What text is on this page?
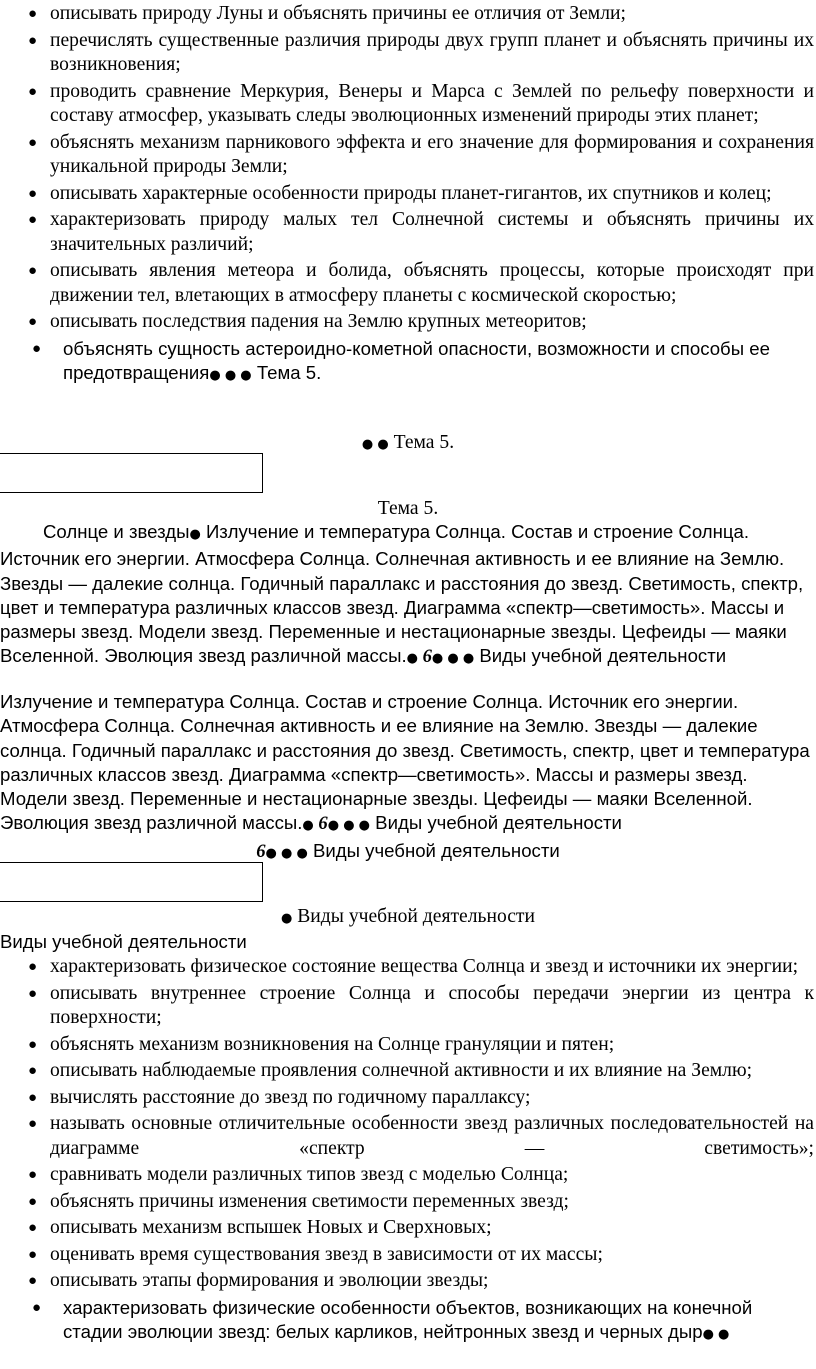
● описывать природу Луны и объяснять причины ее отличия от Земли;
● перечислять существенные различия природы двух групп планет и объяснять причины их возникновения;
● проводить сравнение Меркурия, Венеры и Марса с Землей по рельефу поверхности и составу атмосфер, указывать следы эволюционных изменений природы этих планет;
● объяснять механизм парникового эффекта и его значение для формирования и сохранения уникальной природы Земли;
● описывать характерные особенности природы планет-гигантов, их спутников и колец;
● характеризовать природу малых тел Солнечной системы и объяснять причины их значительных различий;
● описывать явления метеора и болида, объяснять процессы, которые происходят при движении тел, влетающих в атмосферу планеты с космической скоростью;
● описывать последствия падения на Землю крупных метеоритов;
● объяснять сущность астероидно-кометной опасности, возможности и способы ее предотвращения● ● ● Тема 5.
● ● Тема 5.
Тема 5.
Солнце и звезды● Излучение и температура Солнца. Состав и строение Солнца. Источник его энергии. Атмосфера Солнца. Солнечная активность и ее влияние на Землю. Звезды — далекие солнца. Годичный параллакс и расстояния до звезд. Светимость, спектр, цвет и температура различных классов звезд. Диаграмма «спектр—светимость». Массы и размеры звезд. Модели звезд. Переменные и нестационарные звезды. Цефеиды — маяки Вселенной. Эволюция звезд различной массы.● 6● ● ● Виды учебной деятельности
Излучение и температура Солнца. Состав и строение Солнца. Источник его энергии. Атмосфера Солнца. Солнечная активность и ее влияние на Землю. Звезды — далекие солнца. Годичный параллакс и расстояния до звезд. Светимость, спектр, цвет и температура различных классов звезд. Диаграмма «спектр—светимость». Массы и размеры звезд. Модели звезд. Переменные и нестационарные звезды. Цефеиды — маяки Вселенной. Эволюция звезд различной массы.● 6● ● ● Виды учебной деятельности
6● ● ● Виды учебной деятельности
● Виды учебной деятельности
Виды учебной деятельности
● характеризовать физическое состояние вещества Солнца и звезд и источники их энергии;
● описывать внутреннее строение Солнца и способы передачи энергии из центра к поверхности;
● объяснять механизм возникновения на Солнце грануляции и пятен;
● описывать наблюдаемые проявления солнечной активности и их влияние на Землю;
● вычислять расстояние до звезд по годичному параллаксу;
● называть основные отличительные особенности звезд различных последовательностей на диаграмме «спектр — светимость»;
● сравнивать модели различных типов звезд с моделью Солнца;
● объяснять причины изменения светимости переменных звезд;
● описывать механизм вспышек Новых и Сверхновых;
● оценивать время существования звезд в зависимости от их массы;
● описывать этапы формирования и эволюции звезды;
● характеризовать физические особенности объектов, возникающих на конечной стадии эволюции звезд: белых карликов, нейтронных звезд и черных дыр● ●
